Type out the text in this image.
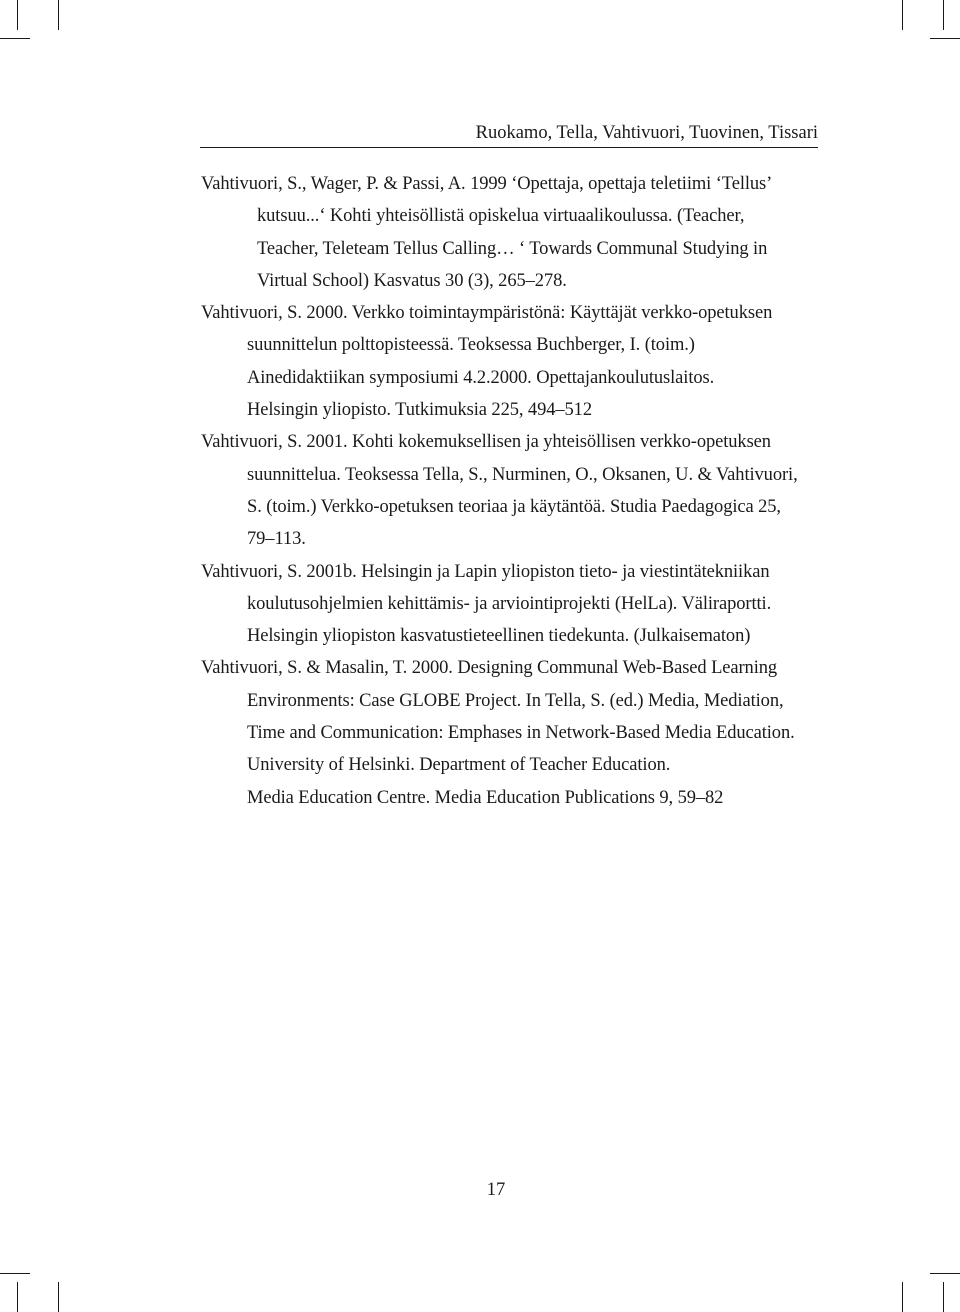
Ruokamo, Tella, Vahtivuori, Tuovinen, Tissari
Vahtivuori, S., Wager, P. & Passi, A. 1999 ‘Opettaja, opettaja teletiimi ‘Tellus’
kutsuu...‘ Kohti yhteisöllistä opiskelua virtuaalikoulussa. (Teacher,
Teacher, Teleteam Tellus Calling… ‘ Towards Communal Studying in
Virtual School) Kasvatus 30 (3), 265–278.
Vahtivuori, S. 2000. Verkko toimintaympäristönä: Käyttäjät verkko-opetuksen
suunnittelun polttopisteessä. Teoksessa Buchberger, I. (toim.)
Ainedidaktiikan symposiumi 4.2.2000. Opettajankoulutuslaitos.
Helsingin yliopisto. Tutkimuksia 225, 494–512
Vahtivuori, S. 2001. Kohti kokemuksellisen ja yhteisöllisen verkko-opetuksen
suunnittelua. Teoksessa Tella, S., Nurminen, O., Oksanen, U. & Vahtivuori,
S. (toim.) Verkko-opetuksen teoriaa ja käytäntöä. Studia Paedagogica 25,
79–113.
Vahtivuori, S. 2001b. Helsingin ja Lapin yliopiston tieto- ja viestintätekniikan
koulutusohjelmien kehittämis- ja arviointiprojekti (HelLa). Väliraportti.
Helsingin yliopiston kasvatustieteellinen tiedekunta. (Julkaisematon)
Vahtivuori, S. & Masalin, T. 2000. Designing Communal Web-Based Learning
Environments: Case GLOBE Project. In Tella, S. (ed.) Media, Mediation,
Time and Communication: Emphases in Network-Based Media Education.
University of Helsinki. Department of Teacher Education.
Media Education Centre. Media Education Publications 9, 59–82
17
